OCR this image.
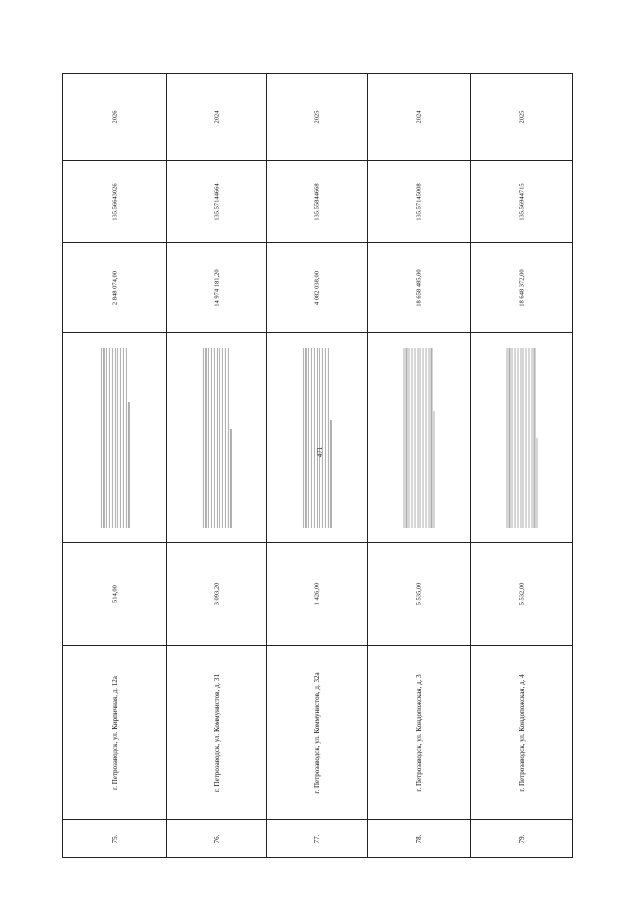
2026
135.56643026
2 848 074,00
514,00
г. Петрозаводск, ул. Кирпичная, д. 12а
75.
2024
135.57144664
14 974 181,20
3 093,20
г. Петрозаводск, ул. Коммунистов, д. 31
76.
2025
135.55844668
4 082 038,00
1 426,00
г. Петрозаводск, ул. Коммунистов, д. 32а
77.
2024
135.57145008
18 658 485,00
5 535,00
г. Петрозаводск, ул. Кондопожская, д. 3
78.
2025
135.56944715
18 648 372,00
5 532,00
г. Петрозаводск, ул. Кондопожская, д. 4
79.
